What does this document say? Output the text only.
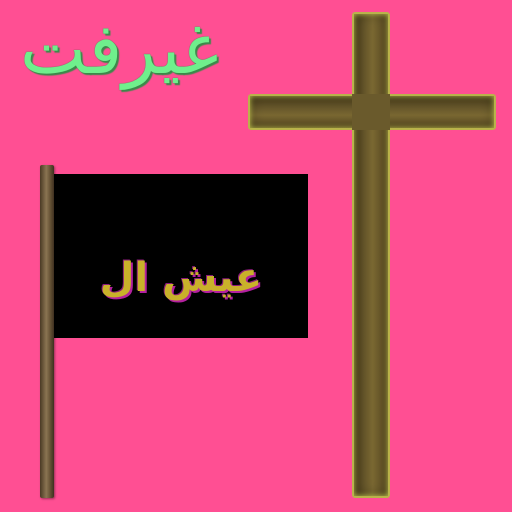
غيرفت
عيش ال
